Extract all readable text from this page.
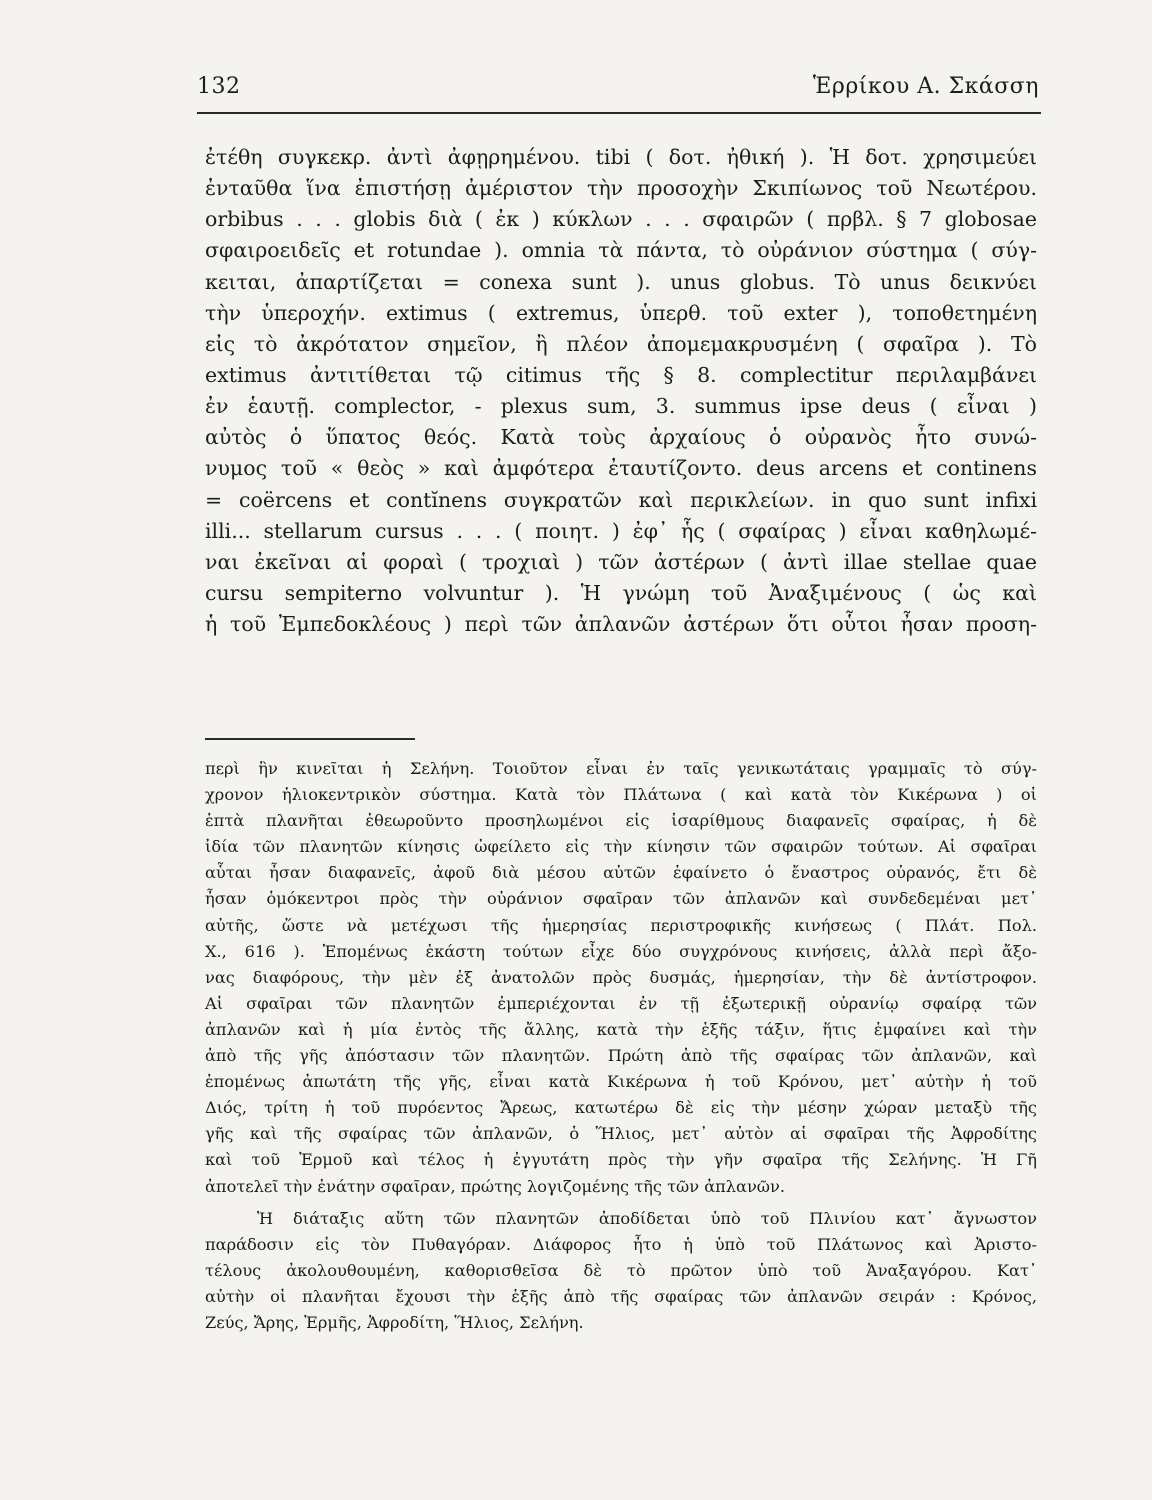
132	Ἑρρίκου Α. Σκάσση
ἐτέθη συγκεκρ. ἀντὶ ἀφῃρημένου. tibi ( δοτ. ἠθική ). Ἡ δοτ. χρησιμεύει
ἐνταῦθα ἵνα ἐπιστήσῃ ἀμέριστον τὴν προσοχὴν Σκιπίωνος τοῦ Νεωτέρου.
orbibus . . . globis διὰ ( ἐκ ) κύκλων . . . σφαιρῶν ( πρβλ. § 7 globosae
σφαιροειδεῖς et rotundae ). omnia τὰ πάντα, τὸ οὐράνιον σύστημα ( σύγ-
κειται, ἀπαρτίζεται = conexa sunt ). unus globus. Τὸ unus δεικνύει
τὴν ὑπεροχήν. extimus ( extremus, ὑπερθ. τοῦ exter ), τοποθετημένη
εἰς τὸ ἀκρότατον σημεῖον, ἢ πλέον ἀπομεμακρυσμένη ( σφαῖρα ). Τὸ
extimus ἀντιτίθεται τῷ citimus τῆς § 8. complectitur περιλαμβάνει
ἐν ἑαυτῇ. complector, - plexus sum, 3. summus ipse deus ( εἶναι )
αὐτὸς ὁ ὕπατος θεός. Κατὰ τοὺς ἀρχαίους ὁ οὐρανὸς ἦτο συνώ-
νυμος τοῦ « θεὸς » καὶ ἀμφότερα ἐταυτίζοντο. deus arcens et continens
= coërcens et contĭnens συγκρατῶν καὶ περικλείων. in quo sunt infixi
illi... stellarum cursus . . . ( ποιητ. ) ἐφ᾽ ἧς ( σφαίρας ) εἶναι καθηλωμέ-
ναι ἐκεῖναι αἱ φοραὶ ( τροχιαὶ ) τῶν ἀστέρων ( ἀντὶ illae stellae quae
cursu sempiterno volvuntur ). Ἡ γνώμη τοῦ Ἀναξιμένους ( ὡς καὶ
ἡ τοῦ Ἐμπεδοκλέους ) περὶ τῶν ἀπλανῶν ἀστέρων ὅτι οὗτοι ἦσαν προση-
περὶ ἣν κινεῖται ἡ Σελήνη. Τοιοῦτον εἶναι ἐν ταῖς γενικωτάταις γραμμαῖς τὸ σύγ-
χρονον ἡλιοκεντρικὸν σύστημα. Κατὰ τὸν Πλάτωνα ( καὶ κατὰ τὸν Κικέρωνα ) οἱ
ἑπτὰ πλανῆται ἐθεωροῦντο προσηλωμένοι εἰς ἰσαρίθμους διαφανεῖς σφαίρας, ἡ δὲ
ἰδία τῶν πλανητῶν κίνησις ὠφείλετο εἰς τὴν κίνησιν τῶν σφαιρῶν τούτων. Αἱ σφαῖραι
αὗται ἦσαν διαφανεῖς, ἀφοῦ διὰ μέσου αὐτῶν ἐφαίνετο ὁ ἔναστρος οὐρανός, ἔτι δὲ
ἦσαν ὁμόκεντροι πρὸς τὴν οὐράνιον σφαῖραν τῶν ἀπλανῶν καὶ συνδεδεμέναι μετ᾽
αὐτῆς, ὥστε νὰ μετέχωσι τῆς ἡμερησίας περιστροφικῆς κινήσεως ( Πλάτ. Πολ.
X., 616 ). Ἑπομένως ἑκάστη τούτων εἶχε δύο συγχρόνους κινήσεις, ἀλλὰ περὶ ἄξο-
νας διαφόρους, τὴν μὲν ἐξ ἀνατολῶν πρὸς δυσμάς, ἡμερησίαν, τὴν δὲ ἀντίστροφον.
Αἱ σφαῖραι τῶν πλανητῶν ἐμπεριέχονται ἐν τῇ ἐξωτερικῇ οὐρανίῳ σφαίρᾳ τῶν
ἀπλανῶν καὶ ἡ μία ἐντὸς τῆς ἄλλης, κατὰ τὴν ἑξῆς τάξιν, ἥτις ἐμφαίνει καὶ τὴν
ἀπὸ τῆς γῆς ἀπόστασιν τῶν πλανητῶν. Πρώτη ἀπὸ τῆς σφαίρας τῶν ἀπλανῶν, καὶ
ἑπομένως ἀπωτάτη τῆς γῆς, εἶναι κατὰ Κικέρωνα ἡ τοῦ Κρόνου, μετ᾽ αὐτὴν ἡ τοῦ
Διός, τρίτη ἡ τοῦ πυρόεντος Ἄρεως, κατωτέρω δὲ εἰς τὴν μέσην χώραν μεταξὺ τῆς
γῆς καὶ τῆς σφαίρας τῶν ἀπλανῶν, ὁ Ἥλιος, μετ᾽ αὐτὸν αἱ σφαῖραι τῆς Ἀφροδίτης
καὶ τοῦ Ἑρμοῦ καὶ τέλος ἡ ἐγγυτάτη πρὸς τὴν γῆν σφαῖρα τῆς Σελήνης. Ἡ Γῆ
ἀποτελεῖ τὴν ἐνάτην σφαῖραν, πρώτης λογιζομένης τῆς τῶν ἀπλανῶν.
Ἡ διάταξις αὕτη τῶν πλανητῶν ἀποδίδεται ὑπὸ τοῦ Πλινίου κατ᾽ ἄγνωστον
παράδοσιν εἰς τὸν Πυθαγόραν. Διάφορος ἦτο ἡ ὑπὸ τοῦ Πλάτωνος καὶ Ἀριστο-
τέλους ἀκολουθουμένη, καθορισθεῖσα δὲ τὸ πρῶτον ὑπὸ τοῦ Ἀναξαγόρου. Κατ᾽
αὐτὴν οἱ πλανῆται ἔχουσι τὴν ἑξῆς ἀπὸ τῆς σφαίρας τῶν ἀπλανῶν σειράν : Κρόνος,
Ζεύς, Ἄρης, Ἑρμῆς, Ἀφροδίτη, Ἥλιος, Σελήνη.
